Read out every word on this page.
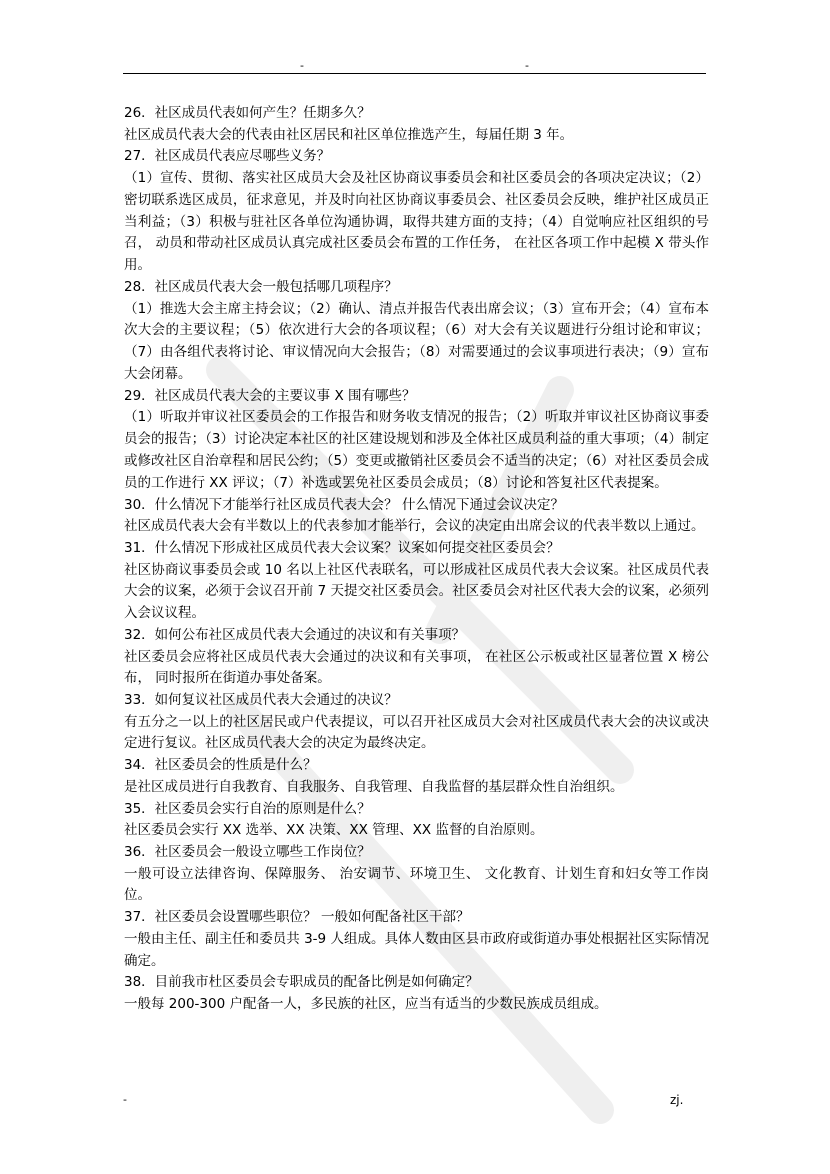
-	-
26．社区成员代表如何产生？任期多久？
社区成员代表大会的代表由社区居民和社区单位推选产生，每届任期 3 年。
27．社区成员代表应尽哪些义务？
（1）宣传、贯彻、落实社区成员大会及社区协商议事委员会和社区委员会的各项决定决议；（2）密切联系选区成员，征求意见，并及时向社区协商议事委员会、社区委员会反映，维护社区成员正当利益；（3）积极与驻社区各单位沟通协调，取得共建方面的支持；（4）自觉响应社区组织的号召， 动员和带动社区成员认真完成社区委员会布置的工作任务， 在社区各项工作中起模 X 带头作用。
28．社区成员代表大会一般包括哪几项程序？
（1）推选大会主席主持会议；（2）确认、清点并报告代表出席会议；（3）宣布开会；（4）宣布本次大会的主要议程；（5）依次进行大会的各项议程；（6）对大会有关议题进行分组讨论和审议；（7）由各组代表将讨论、审议情况向大会报告；（8）对需要通过的会议事项进行表决；（9）宣布大会闭幕。
29．社区成员代表大会的主要议事 X 围有哪些？
（1）听取并审议社区委员会的工作报告和财务收支情况的报告；（2）听取并审议社区协商议事委员会的报告；（3）讨论决定本社区的社区建设规划和涉及全体社区成员利益的重大事项；（4）制定或修改社区自治章程和居民公约；（5）变更或撤销社区委员会不适当的决定；（6）对社区委员会成员的工作进行 XX 评议；（7）补选或罢免社区委员会成员；（8）讨论和答复社区代表提案。
30．什么情况下才能举行社区成员代表大会？ 什么情况下通过会议决定？
社区成员代表大会有半数以上的代表参加才能举行，会议的决定由出席会议的代表半数以上通过。
31．什么情况下形成社区成员代表大会议案？议案如何提交社区委员会？
社区协商议事委员会或 10 名以上社区代表联名，可以形成社区成员代表大会议案。社区成员代表大会的议案，必须于会议召开前 7 天提交社区委员会。社区委员会对社区代表大会的议案，必须列入会议议程。
32．如何公布社区成员代表大会通过的决议和有关事项？
社区委员会应将社区成员代表大会通过的决议和有关事项， 在社区公示板或社区显著位置 X 榜公布， 同时报所在街道办事处备案。
33．如何复议社区成员代表大会通过的决议？
有五分之一以上的社区居民或户代表提议，可以召开社区成员大会对社区成员代表大会的决议或决定进行复议。社区成员代表大会的决定为最终决定。
34．社区委员会的性质是什么？
是社区成员进行自我教育、自我服务、自我管理、自我监督的基层群众性自治组织。
35．社区委员会实行自治的原则是什么？
社区委员会实行 XX 选举、XX 决策、XX 管理、XX 监督的自治原则。
36．社区委员会一般设立哪些工作岗位？
一般可设立法律咨询、保障服务、 治安调节、环境卫生、 文化教育、计划生育和妇女等工作岗位。
37．社区委员会设置哪些职位？ 一般如何配备社区干部？
一般由主任、副主任和委员共 3-9 人组成。具体人数由区县市政府或街道办事处根据社区实际情况确定。
38．目前我市杜区委员会专职成员的配备比例是如何确定？
一般每 200-300 户配备一人，多民族的社区，应当有适当的少数民族成员组成。
-	zj.
